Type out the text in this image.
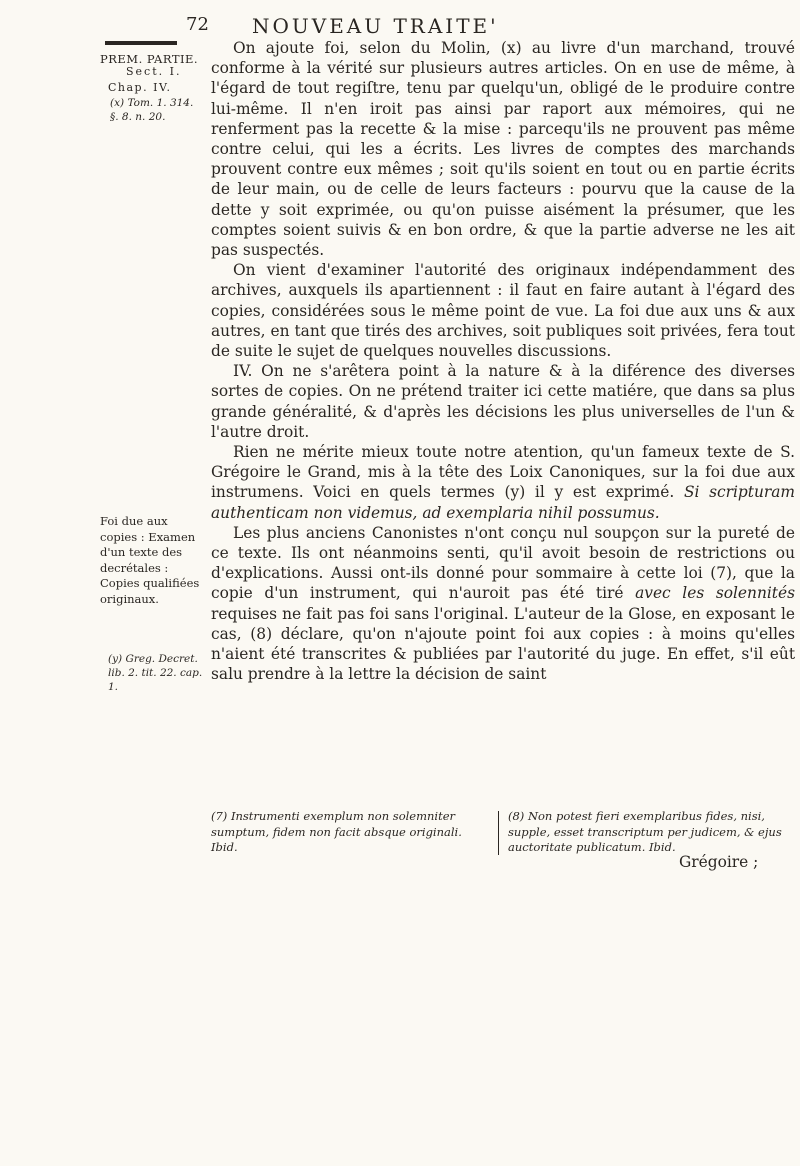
72 NOUVEAU TRAITE'
PREM. PARTIE.
Sect. I.
Chap. IV.
(x) Tom. 1. 314. §. 8. n. 20.
Foi due aux copies : Examen d'un texte des decrétales : Copies qualifiées originaux.
(y) Greg. Decret. lib. 2. tit. 22. cap. 1.

On ajoute foi, selon du Molin, (x) au livre d'un marchand, trouvé conforme à la vérité sur plusieurs autres articles. On en use de même, à l'égard de tout regiſtre, tenu par quelqu'un, obligé de le produire contre lui-même. Il n'en iroit pas ainsi par raport aux mémoires, qui ne renferment pas la recette & la mise : parcequ'ils ne prouvent pas même contre celui, qui les a écrits. Les livres de comptes des marchands prouvent contre eux mêmes ; soit qu'ils soient en tout ou en partie écrits de leur main, ou de celle de leurs facteurs : pourvu que la cause de la dette y soit exprimée, ou qu'on puisse aisément la présumer, que les comptes soient suivis & en bon ordre, & que la partie adverse ne les ait pas suspectés.

On vient d'examiner l'autorité des originaux indépendamment des archives, auxquels ils apartiennent : il faut en faire autant à l'égard des copies, considérées sous le même point de vue. La foi due aux uns & aux autres, en tant que tirés des archives, soit publiques soit privées, fera tout de suite le sujet de quelques nouvelles discussions.

IV. On ne s'arêtera point à la nature & à la diférence des diverses sortes de copies. On ne prétend traiter ici cette matiére, que dans sa plus grande généralité, & d'après les décisions les plus universelles de l'un & l'autre droit.

Rien ne mérite mieux toute notre atention, qu'un fameux texte de S. Grégoire le Grand, mis à la tête des Loix Canoniques, sur la foi due aux instrumens. Voici en quels termes (y) il y est exprimé. Si scripturam authenticam non videmus, ad exemplaria nihil possumus.

Les plus anciens Canonistes n'ont conçu nul soupçon sur la pureté de ce texte. Ils ont néanmoins senti, qu'il avoit besoin de restrictions ou d'explications. Aussi ont-ils donné pour sommaire à cette loi (7), que la copie d'un instrument, qui n'auroit pas été tiré avec les solennités requises ne fait pas foi sans l'original. L'auteur de la Glose, en exposant le cas, (8) déclare, qu'on n'ajoute point foi aux copies : à moins qu'elles n'aient été transcrites & publiées par l'autorité du juge. En effet, s'il eût salu prendre à la lettre la décision de saint

(7) Instrumenti exemplum non solemniter sumptum, fidem non facit absque originali. Ibid.
(8) Non potest fieri exemplaribus fides, nisi, supple, esset transcriptum per judicem, & ejus auctoritate publicatum. Ibid.
Grégoire ;
